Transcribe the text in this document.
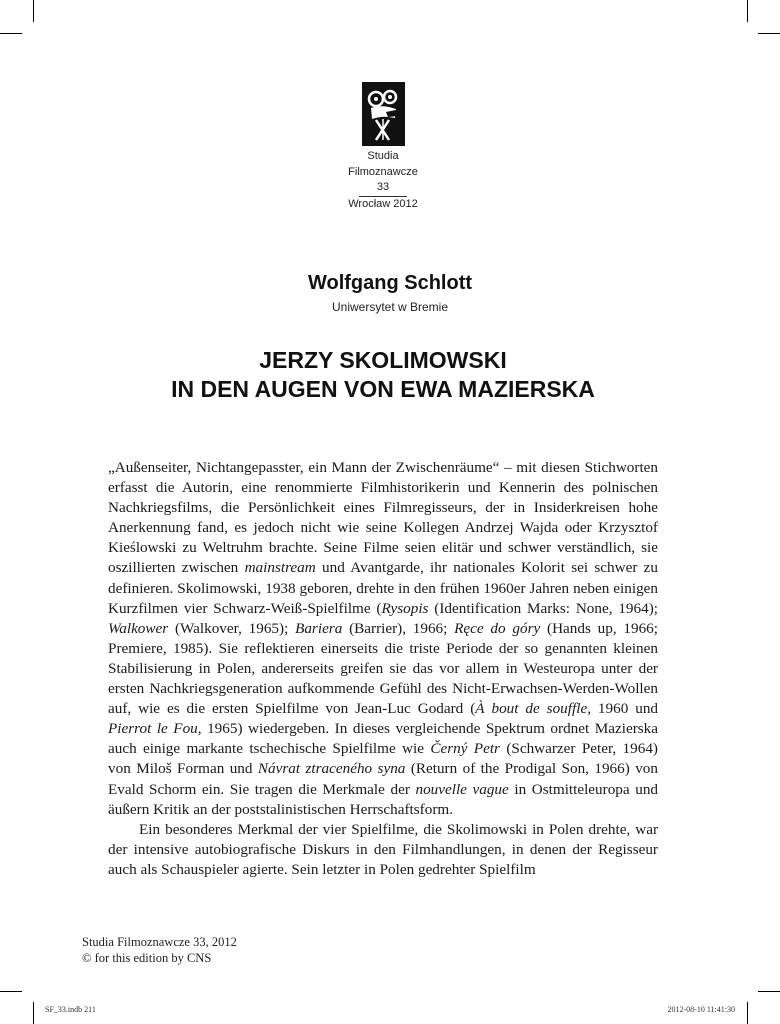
Studia
Filmoznawcze
33
Wrocław 2012
Wolfgang Schlott
Uniwersytet w Bremie
JERZY SKOLIMOWSKI
IN DEN AUGEN VON EWA MAZIERSKA

„Außenseiter, Nichtangepasster, ein Mann der Zwischenräume“ – mit diesen Stichworten erfasst die Autorin, eine renommierte Filmhistorikerin und Kennerin des polnischen Nachkriegsfilms, die Persönlichkeit eines Filmregisseurs, der in Insiderkreisen hohe Anerkennung fand, es jedoch nicht wie seine Kollegen Andrzej Wajda oder Krzysztof Kieślowski zu Weltruhm brachte. Seine Filme seien elitär und schwer verständlich, sie oszillierten zwischen mainstream und Avantgarde, ihr nationales Kolorit sei schwer zu definieren. Skolimowski, 1938 geboren, drehte in den frühen 1960er Jahren neben einigen Kurzfilmen vier Schwarz-Weiß-Spielfilme (Rysopis (Identification Marks: None, 1964); Walkower (Walkover, 1965); Bariera (Barrier), 1966; Ręce do góry (Hands up, 1966; Premiere, 1985). Sie reflektieren einerseits die triste Periode der so genannten kleinen Stabilisierung in Polen, andererseits greifen sie das vor allem in Westeuropa unter der ersten Nachkriegsgeneration aufkommende Gefühl des Nicht-Erwachsen-Werden-Wollen auf, wie es die ersten Spielfilme von Jean-Luc Godard (À bout de souffle, 1960 und Pierrot le Fou, 1965) wiedergeben. In dieses vergleichende Spektrum ordnet Mazierska auch einige markante tschechische Spielfilme wie Černý Petr (Schwarzer Peter, 1964) von Miloš Forman und Návrat ztraceného syna (Return of the Prodigal Son, 1966) von Evald Schorm ein. Sie tragen die Merkmale der nouvelle vague in Ostmitteleuropa und äußern Kritik an der poststalinistischen Herrschaftsform.

Ein besonderes Merkmal der vier Spielfilme, die Skolimowski in Polen drehte, war der intensive autobiografische Diskurs in den Filmhandlungen, in denen der Regisseur auch als Schauspieler agierte. Sein letzter in Polen gedrehter Spielfilm

Studia Filmoznawcze 33, 2012
© for this edition by CNS
SF_33.indb 211	2012-08-10 11:41:30
